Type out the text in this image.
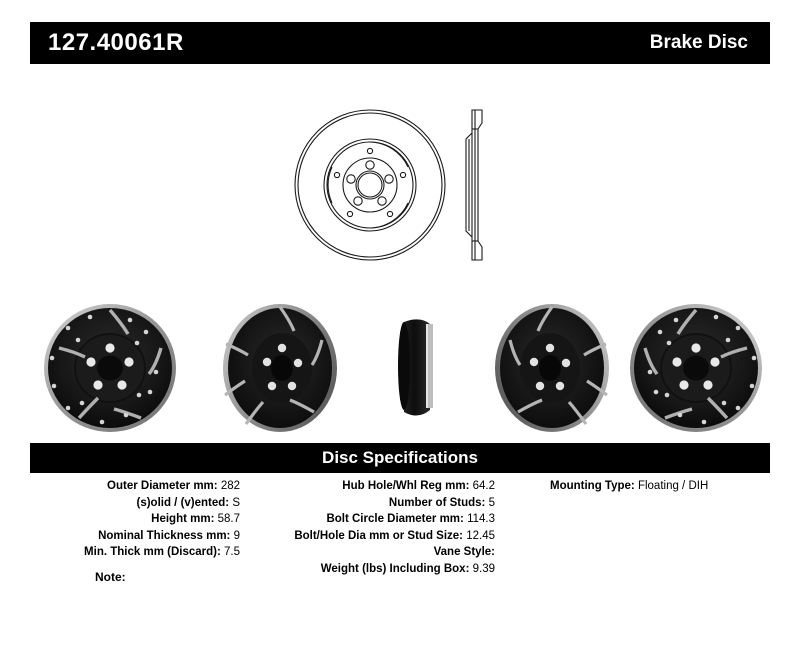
127.40061R	Brake Disc
Disc Specifications
Outer Diameter mm: 282
(s)olid / (v)ented: S
Height mm: 58.7
Nominal Thickness mm: 9
Min. Thick mm (Discard): 7.5
Hub Hole/Whl Reg mm: 64.2
Number of Studs: 5
Bolt Circle Diameter mm: 114.3
Bolt/Hole Dia mm or Stud Size: 12.45
Vane Style:
Weight (lbs) Including Box: 9.39
Mounting Type: Floating / DIH
Note:
